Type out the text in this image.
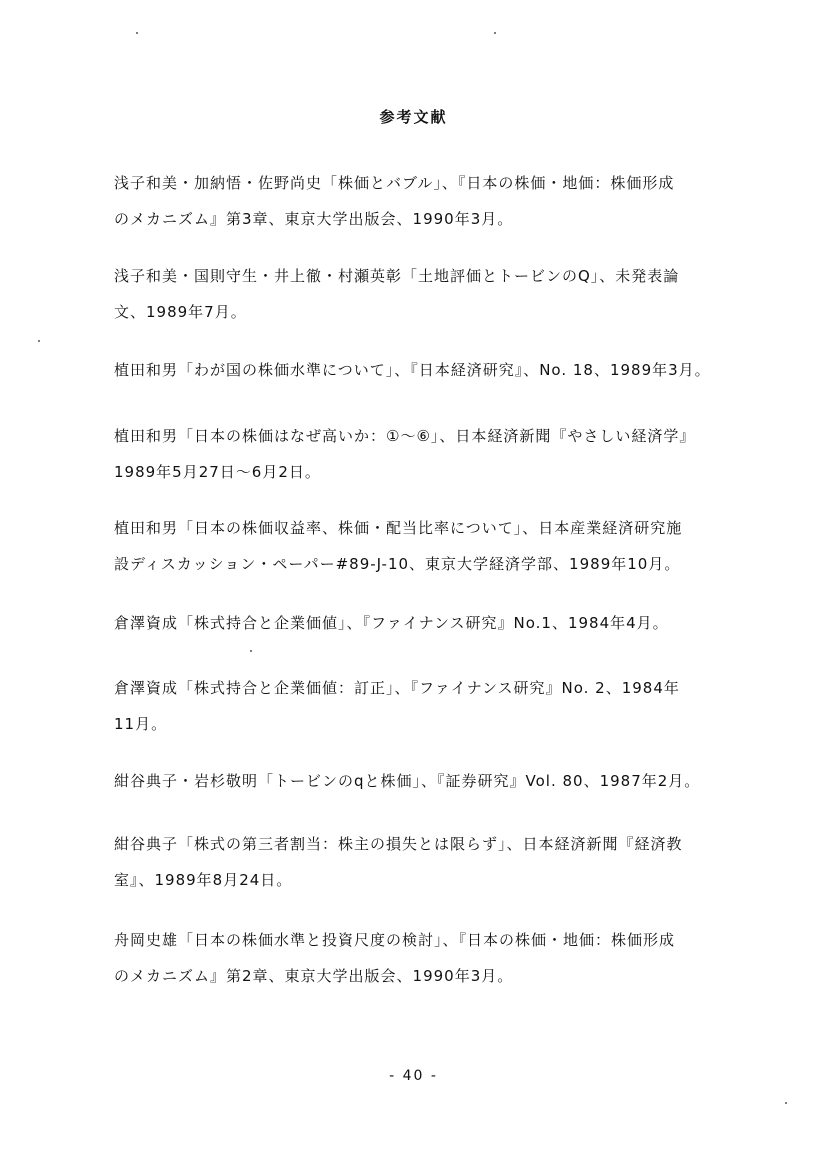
参考文献
浅子和美・加納悟・佐野尚史「株価とバブル」、『日本の株価・地価：株価形成
のメカニズム』第3章、東京大学出版会、1990年3月。
浅子和美・国則守生・井上徹・村瀬英彰「土地評価とトービンのQ」、未発表論
文、1989年7月。
植田和男「わが国の株価水準について」、『日本経済研究』、No. 18、1989年3月。
植田和男「日本の株価はなぜ高いか：①～⑥」、日本経済新聞『やさしい経済学』
1989年5月27日～6月2日。
植田和男「日本の株価収益率、株価・配当比率について」、日本産業経済研究施
設ディスカッション・ペーパー#89-J-10、東京大学経済学部、1989年10月。
倉澤資成「株式持合と企業価値」、『ファイナンス研究』No.1、1984年4月。
倉澤資成「株式持合と企業価値：訂正」、『ファイナンス研究』No. 2、1984年
11月。
紺谷典子・岩杉敬明「トービンのqと株価」、『証券研究』Vol. 80、1987年2月。
紺谷典子「株式の第三者割当：株主の損失とは限らず」、日本経済新聞『経済教
室』、1989年8月24日。
舟岡史雄「日本の株価水準と投資尺度の検討」、『日本の株価・地価：株価形成
のメカニズム』第2章、東京大学出版会、1990年3月。
- 40 -
